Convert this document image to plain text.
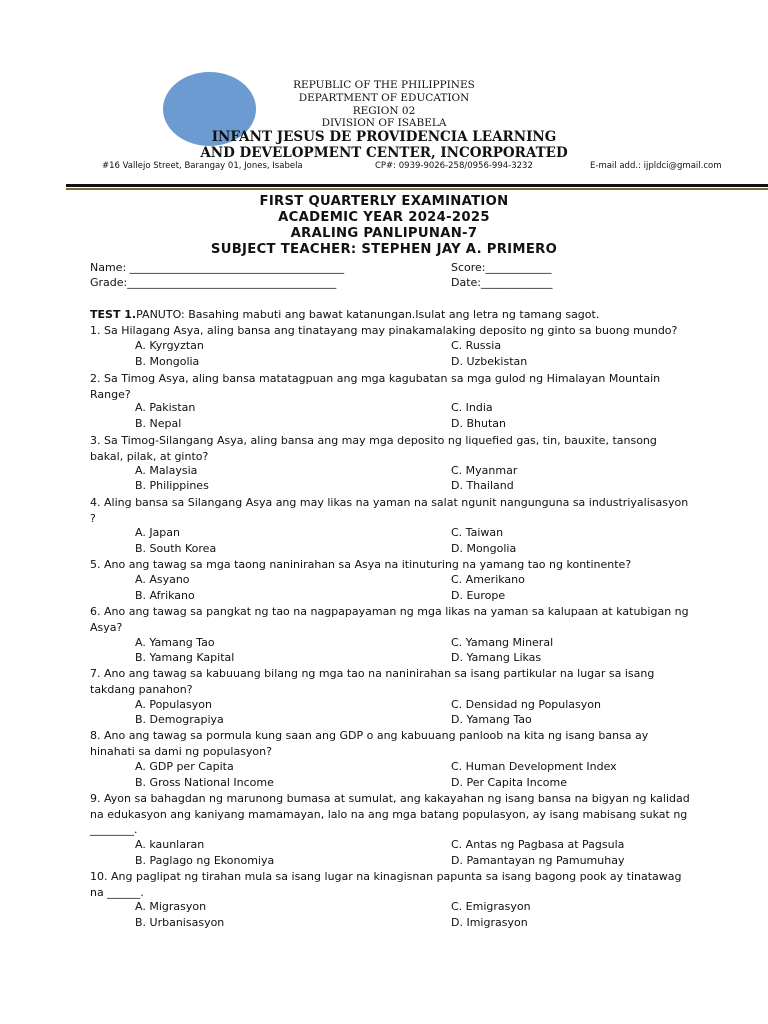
REPUBLIC OF THE PHILIPPINES
DEPARTMENT OF EDUCATION
REGION 02
DIVISION OF ISABELA
INFANT JESUS DE PROVIDENCIA LEARNING
AND DEVELOPMENT CENTER, INCORPORATED
#16 Vallejo Street, Barangay 01, Jones, Isabela	CP#: 0939-9026-258/0956-994-3232	E-mail add.: ijpldci@gmail.com
FIRST QUARTERLY EXAMINATION
ACADEMIC YEAR 2024-2025
ARALING PANLIPUNAN-7
SUBJECT TEACHER: STEPHEN JAY A. PRIMERO
Name: _______________________________________	Score:____________
Grade:______________________________________	Date:_____________
TEST 1.PANUTO: Basahing mabuti ang bawat katanungan.Isulat ang letra ng tamang sagot.
1. Sa Hilagang Asya, aling bansa ang tinatayang may pinakamalaking deposito ng ginto sa buong mundo?
A. Kyrgyztan	C. Russia
B. Mongolia	D. Uzbekistan
2. Sa Timog Asya, aling bansa matatagpuan ang mga kagubatan sa mga gulod ng Himalayan Mountain Range?
A. Pakistan	C. India
B. Nepal	D. Bhutan
3. Sa Timog-Silangang Asya, aling bansa ang may mga deposito ng liquefied gas, tin, bauxite, tansong bakal, pilak, at ginto?
A. Malaysia	C. Myanmar
B. Philippines	D. Thailand
4. Aling bansa sa Silangang Asya ang may likas na yaman na salat ngunit nangunguna sa industriyalisasyon ?
A. Japan	C. Taiwan
B. South Korea	D. Mongolia
5. Ano ang tawag sa mga taong naninirahan sa Asya na itinuturing na yamang tao ng kontinente?
A. Asyano	C. Amerikano
B. Afrikano	D. Europe
6. Ano ang tawag sa pangkat ng tao na nagpapayaman ng mga likas na yaman sa kalupaan at katubigan ng Asya?
A. Yamang Tao	C. Yamang Mineral
B. Yamang Kapital	D. Yamang Likas
7. Ano ang tawag sa kabuuang bilang ng mga tao na naninirahan sa isang partikular na lugar sa isang takdang panahon?
A. Populasyon	C. Densidad ng Populasyon
B. Demograpiya	D. Yamang Tao
8. Ano ang tawag sa pormula kung saan ang GDP o ang kabuuang panloob na kita ng isang bansa ay hinahati sa dami ng populasyon?
A. GDP per Capita	C. Human Development Index
B. Gross National Income	D. Per Capita Income
9. Ayon sa bahagdan ng marunong bumasa at sumulat, ang kakayahan ng isang bansa na bigyan ng kalidad na edukasyon ang kaniyang mamamayan, lalo na ang mga batang populasyon, ay isang mabisang sukat ng ________.
A. kaunlaran	C. Antas ng Pagbasa at Pagsula
B. Paglago ng Ekonomiya	D. Pamantayan ng Pamumuhay
10. Ang paglipat ng tirahan mula sa isang lugar na kinagisnan papunta sa isang bagong pook ay tinatawag na ______.
A. Migrasyon	C. Emigrasyon
B. Urbanisasyon	D. Imigrasyon
